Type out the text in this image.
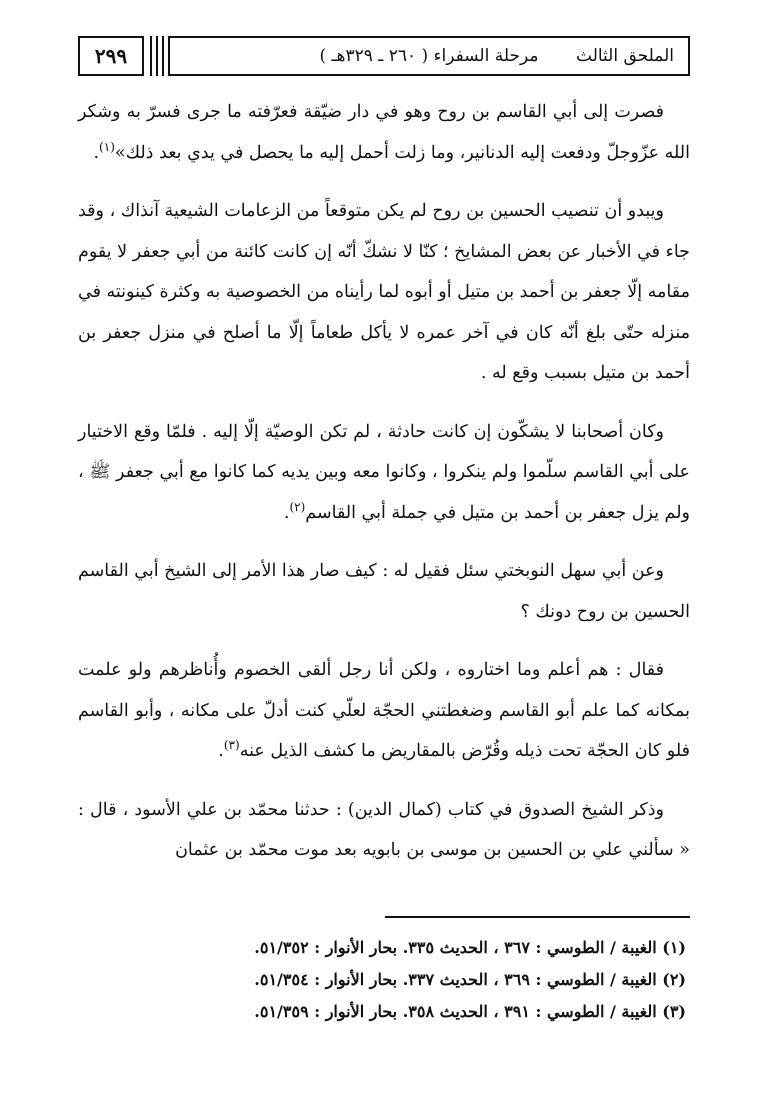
٢٩٩	الملحق الثالث
مرحلة السفراء ( ٢٦٠ ـ ٣٢٩هـ )

فصرت إلى أبي القاسم بن روح وهو في دار ضيّقة فعرّفته ما جرى فسرّ به وشكر الله عزّوجلّ ودفعت إليه الدنانير، وما زلت أحمل إليه ما يحصل في يدي بعد ذلك»$^{(١)}$.

ويبدو أن تنصيب الحسين بن روح لم يكن متوقعاً من الزعامات الشيعية آنذاك ، وقد جاء في الأخبار عن بعض المشايخ ؛ كنّا لا نشكّ أنّه إن كانت كائنة من أبي جعفر لا يقوم مقامه إلّا جعفر بن أحمد بن متيل أو أبوه لما رأيناه من الخصوصية به وكثرة كينونته في منزله حتّى بلغ أنّه كان في آخر عمره لا يأكل طعاماً إلّا ما أصلح في منزل جعفر بن أحمد بن متيل بسبب وقع له .

وكان أصحابنا لا يشكّون إن كانت حادثة ، لم تكن الوصيّة إلّا إليه . فلمّا وقع الاختيار على أبي القاسم سلّموا ولم ينكروا ، وكانوا معه وبين يديه كما كانوا مع أبي جعفر ﷺ ، ولم يزل جعفر بن أحمد بن متيل في جملة أبي القاسم$^{(٢)}$.

وعن أبي سهل النوبختي سئل فقيل له : كيف صار هذا الأمر إلى الشيخ أبي القاسم الحسين بن روح دونك ؟

فقال : هم أعلم وما اختاروه ، ولكن أنا رجل ألقى الخصوم وأُناظرهم ولو علمت بمكانه كما علم أبو القاسم وضغطتني الحجّة لعلّي كنت أدلّ على مكانه ، وأبو القاسم فلو كان الحجّة تحت ذيله وقُرّض بالمقاريض ما كشف الذيل عنه$^{(٣)}$.

وذكر الشيخ الصدوق في كتاب (كمال الدين) : حدثنا محمّد بن علي الأسود ، قال : « سألني علي بن الحسين بن موسى بن بابويه بعد موت محمّد بن عثمان

(١) الغيبة / الطوسي : ٣٦٧ ، الحديث ٣٣٥. بحار الأنوار : ٥١/٣٥٢.
(٢) الغيبة / الطوسي : ٣٦٩ ، الحديث ٣٣٧. بحار الأنوار : ٥١/٣٥٤.
(٣) الغيبة / الطوسي : ٣٩١ ، الحديث ٣٥٨. بحار الأنوار : ٥١/٣٥٩.
